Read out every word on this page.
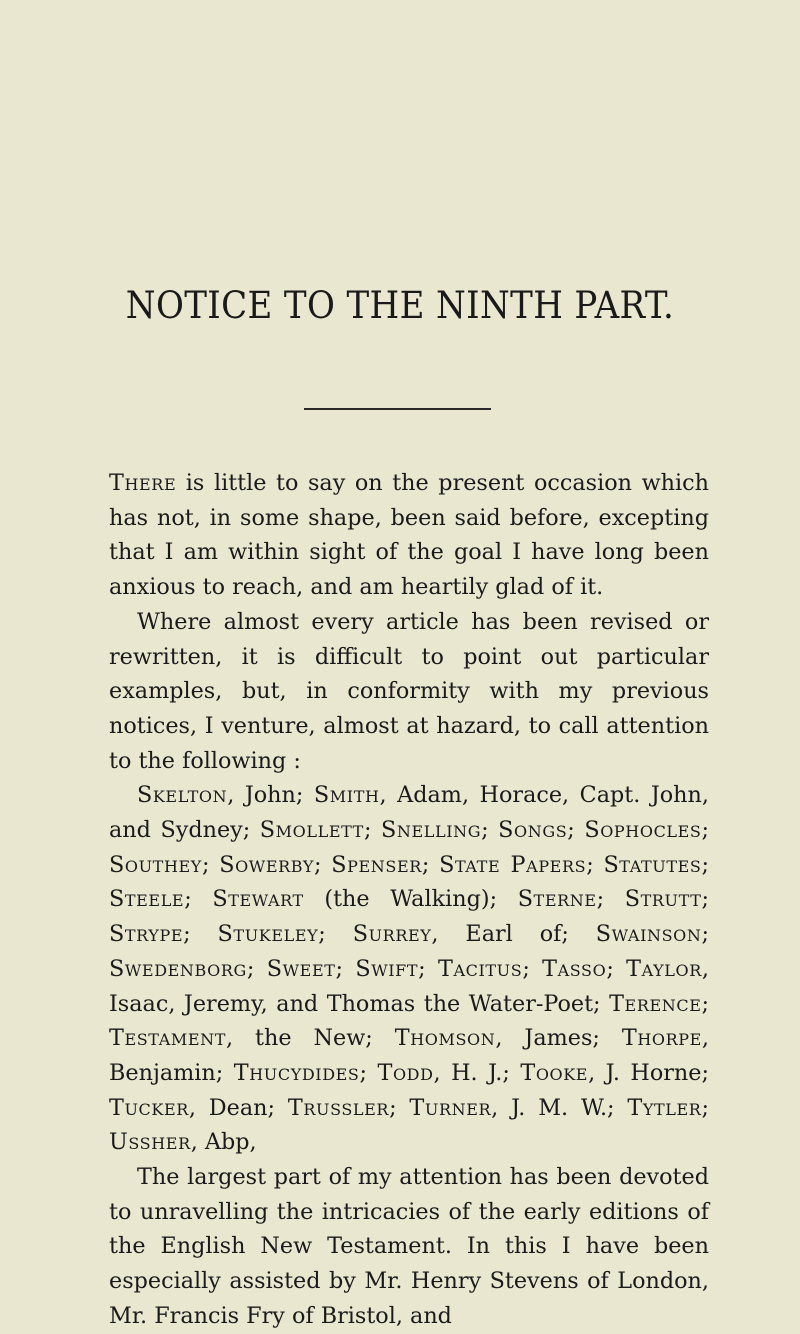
NOTICE TO THE NINTH PART.

There is little to say on the present occasion which has not, in some shape, been said before, excepting that I am within sight of the goal I have long been anxious to reach, and am heartily glad of it.

Where almost every article has been revised or rewritten, it is difficult to point out particular examples, but, in conformity with my previous notices, I venture, almost at hazard, to call attention to the following :

Skelton, John; Smith, Adam, Horace, Capt. John, and Sydney; Smollett; Snelling; Songs; Sophocles; Southey; Sowerby; Spenser; State Papers; Statutes; Steele; Stewart (the Walking); Sterne; Strutt; Strype; Stukeley; Surrey, Earl of; Swainson; Swedenborg; Sweet; Swift; Tacitus; Tasso; Taylor, Isaac, Jeremy, and Thomas the Water-Poet; Terence; Testament, the New; Thomson, James; Thorpe, Benjamin; Thucydides; Todd, H. J.; Tooke, J. Horne; Tucker, Dean; Trussler; Turner, J. M. W.; Tytler; Ussher, Abp,

The largest part of my attention has been devoted to unravelling the intricacies of the early editions of the English New Testament. In this I have been especially assisted by Mr. Henry Stevens of London, Mr. Francis Fry of Bristol, and
